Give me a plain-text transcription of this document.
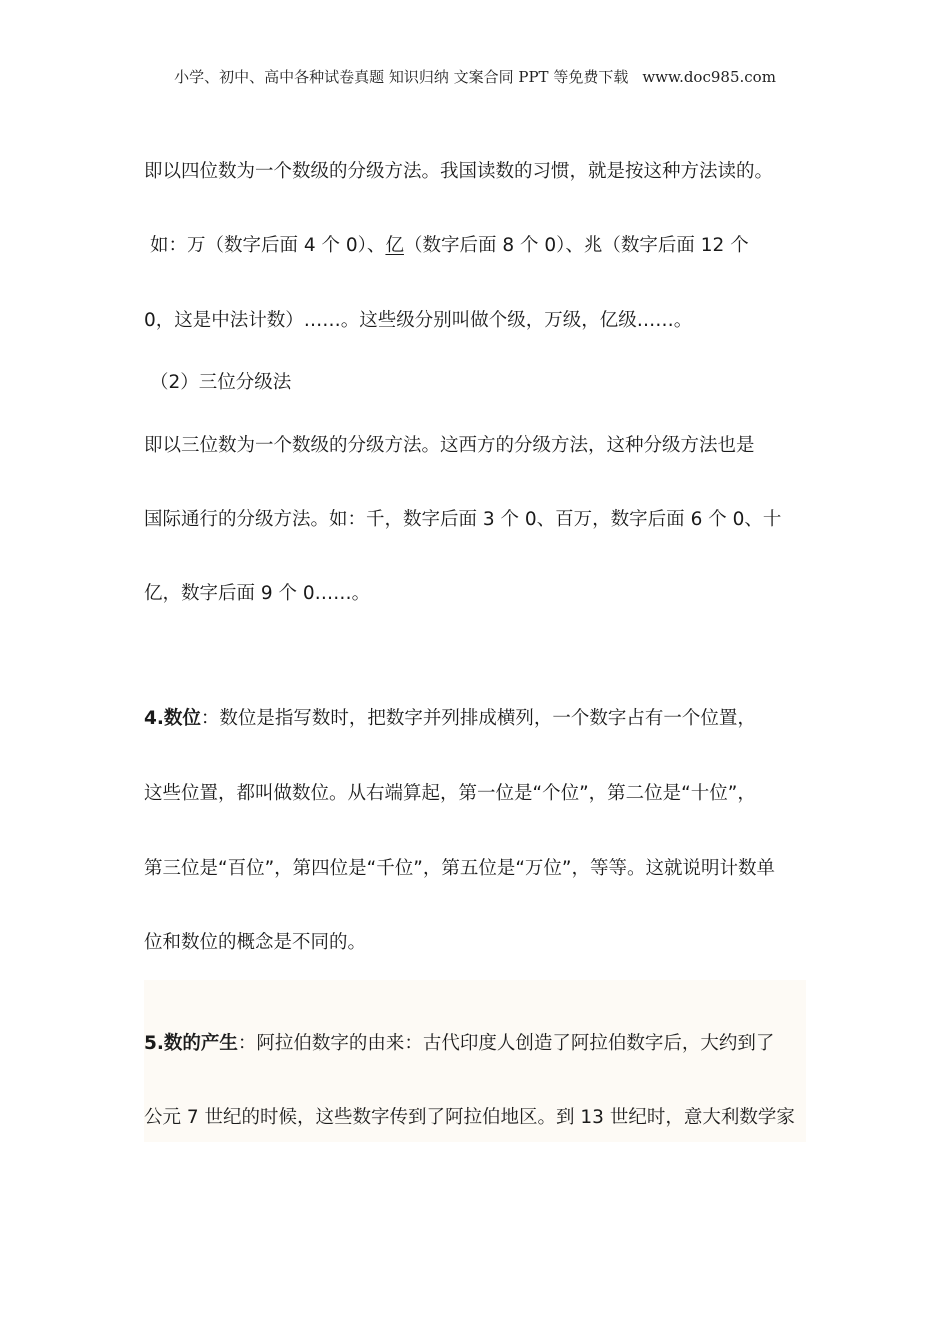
小学、初中、高中各种试卷真题 知识归纳 文案合同 PPT 等免费下载 www.doc985.com
即以四位数为一个数级的分级方法。我国读数的习惯，就是按这种方法读的。
如：万（数字后面 4 个 0）、亿（数字后面 8 个 0）、兆（数字后面 12 个
0，这是中法计数）……。这些级分别叫做个级，万级，亿级……。
（2）三位分级法
即以三位数为一个数级的分级方法。这西方的分级方法，这种分级方法也是
国际通行的分级方法。如：千，数字后面 3 个 0、百万，数字后面 6 个 0、十
亿，数字后面 9 个 0……。
4.数位：数位是指写数时，把数字并列排成横列，一个数字占有一个位置，
这些位置，都叫做数位。从右端算起，第一位是“个位”，第二位是“十位”，
第三位是“百位”，第四位是“千位”，第五位是“万位”，等等。这就说明计数单
位和数位的概念是不同的。
5.数的产生：阿拉伯数字的由来：古代印度人创造了阿拉伯数字后，大约到了
公元 7 世纪的时候，这些数字传到了阿拉伯地区。到 13 世纪时，意大利数学家
